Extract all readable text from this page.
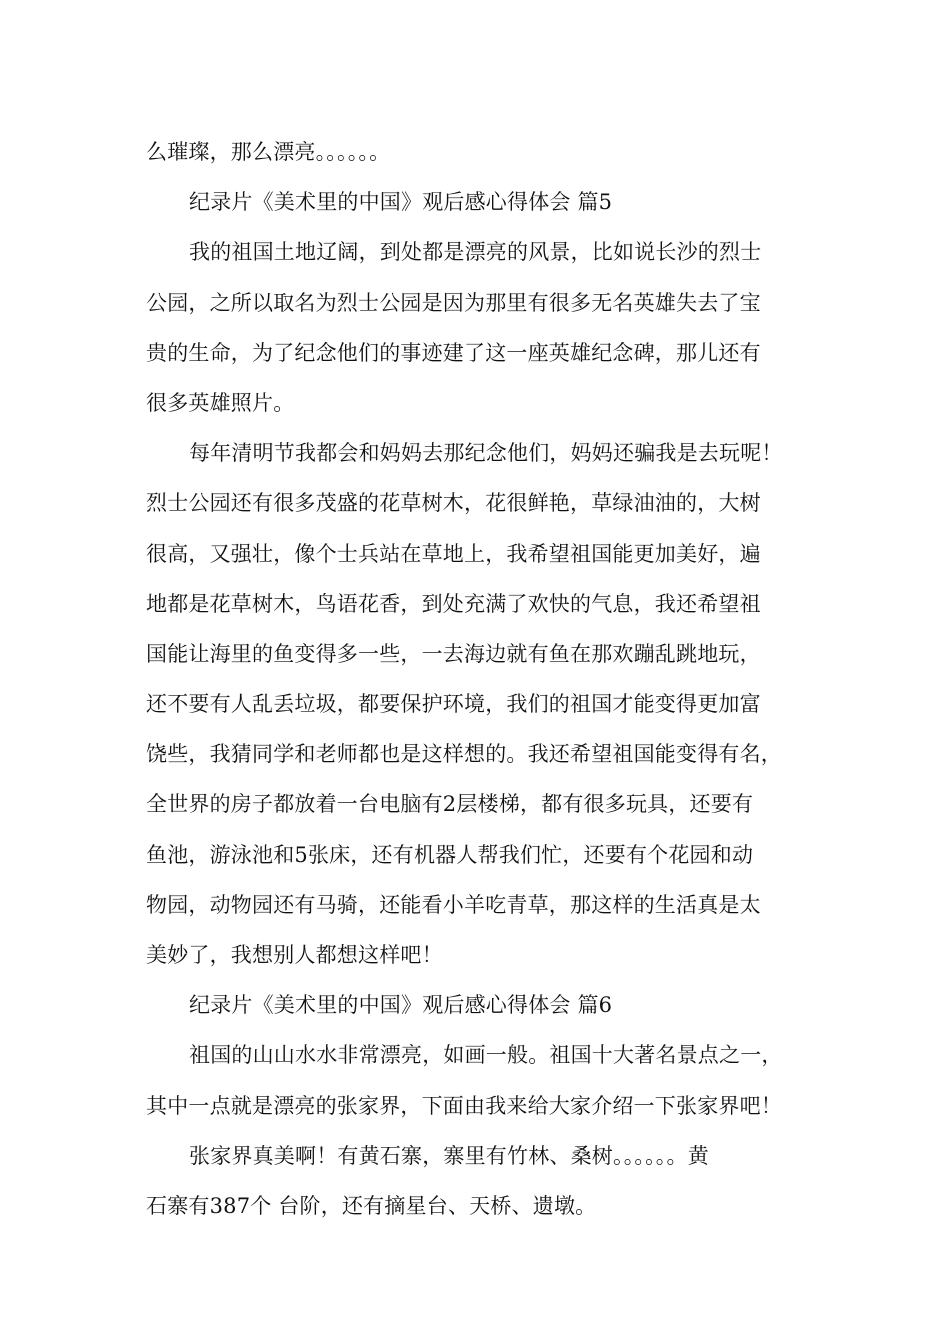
么璀璨，那么漂亮。。。。。。
纪录片《美术里的中国》观后感心得体会 篇5
我的祖国土地辽阔，到处都是漂亮的风景，比如说长沙的烈士
公园，之所以取名为烈士公园是因为那里有很多无名英雄失去了宝
贵的生命，为了纪念他们的事迹建了这一座英雄纪念碑，那儿还有
很多英雄照片。
每年清明节我都会和妈妈去那纪念他们，妈妈还骗我是去玩呢！
烈士公园还有很多茂盛的花草树木，花很鲜艳，草绿油油的，大树
很高，又强壮，像个士兵站在草地上，我希望祖国能更加美好，遍
地都是花草树木，鸟语花香，到处充满了欢快的气息，我还希望祖
国能让海里的鱼变得多一些，一去海边就有鱼在那欢蹦乱跳地玩，
还不要有人乱丢垃圾，都要保护环境，我们的祖国才能变得更加富
饶些，我猜同学和老师都也是这样想的。我还希望祖国能变得有名，
全世界的房子都放着一台电脑有2层楼梯，都有很多玩具，还要有
鱼池，游泳池和5张床，还有机器人帮我们忙，还要有个花园和动
物园，动物园还有马骑，还能看小羊吃青草，那这样的生活真是太
美妙了，我想别人都想这样吧！
纪录片《美术里的中国》观后感心得体会 篇6
祖国的山山水水非常漂亮，如画一般。祖国十大著名景点之一，
其中一点就是漂亮的张家界，下面由我来给大家介绍一下张家界吧！
张家界真美啊！有黄石寨，寨里有竹林、桑树。。。。。。黄
石寨有387个 台阶，还有摘星台、天桥、遗墩。
